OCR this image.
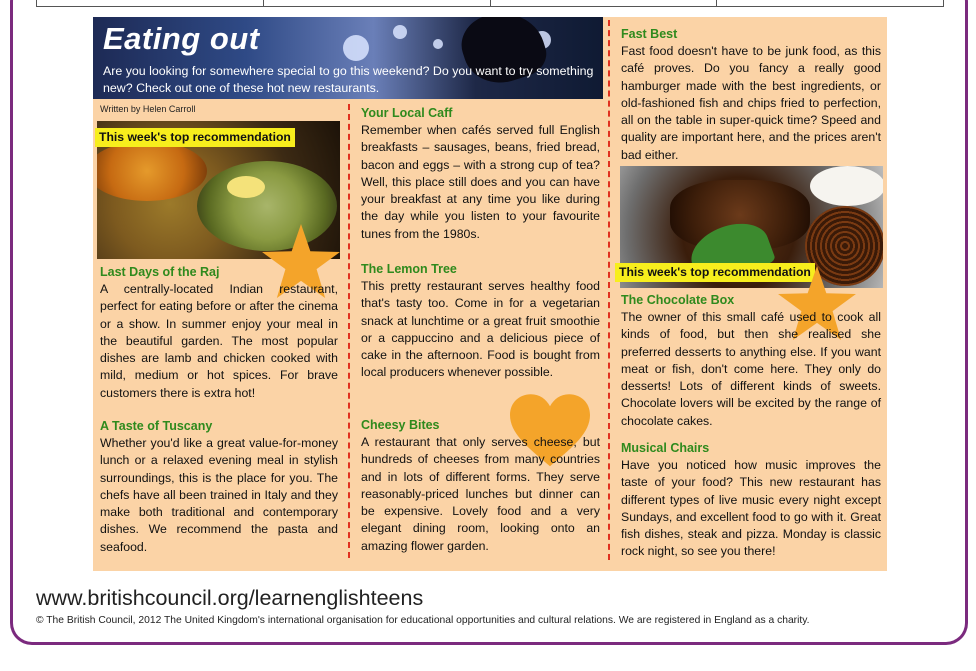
Eating out
Are you looking for somewhere special to go this weekend? Do you want to try something new? Check out one of these hot new restaurants.
Written by Helen Carroll
This week's top recommendation
Last Days of the Raj

A centrally-located Indian restaurant, perfect for eating before or after the cinema or a show. In summer enjoy your meal in the beautiful garden. The most popular dishes are lamb and chicken cooked with mild, medium or hot spices. For brave customers there is extra hot!

A Taste of Tuscany

Whether you'd like a great value-for-money lunch or a relaxed evening meal in stylish surroundings, this is the place for you. The chefs have all been trained in Italy and they make both traditional and contemporary dishes. We recommend the pasta and seafood.

Your Local Caff

Remember when cafés served full English breakfasts – sausages, beans, fried bread, bacon and eggs – with a strong cup of tea? Well, this place still does and you can have your breakfast at any time you like during the day while you listen to your favourite tunes from the 1980s.

The Lemon Tree

This pretty restaurant serves healthy food that's tasty too. Come in for a vegetarian snack at lunchtime or a great fruit smoothie or a cappuccino and a delicious piece of cake in the afternoon. Food is bought from local producers whenever possible.

Cheesy Bites

A restaurant that only serves cheese, but hundreds of cheeses from many countries and in lots of different forms. They serve reasonably-priced lunches but dinner can be expensive. Lovely food and a very elegant dining room, looking onto an amazing flower garden.

Fast Best

Fast food doesn't have to be junk food, as this café proves. Do you fancy a really good hamburger made with the best ingredients, or old-fashioned fish and chips fried to perfection, all on the table in super-quick time? Speed and quality are important here, and the prices aren't bad either.

This week's top recommendation
The Chocolate Box

The owner of this small café used to cook all kinds of food, but then she realised she preferred desserts to anything else. If you want meat or fish, don't come here. They only do desserts! Lots of different kinds of sweets. Chocolate lovers will be excited by the range of chocolate cakes.

Musical Chairs

Have you noticed how music improves the taste of your food? This new restaurant has different types of live music every night except Sundays, and excellent food to go with it. Great fish dishes, steak and pizza. Monday is classic rock night, so see you there!

www.britishcouncil.org/learnenglishteens
© The British Council, 2012 The United Kingdom's international organisation for educational opportunities and cultural relations. We are registered in England as a charity.
